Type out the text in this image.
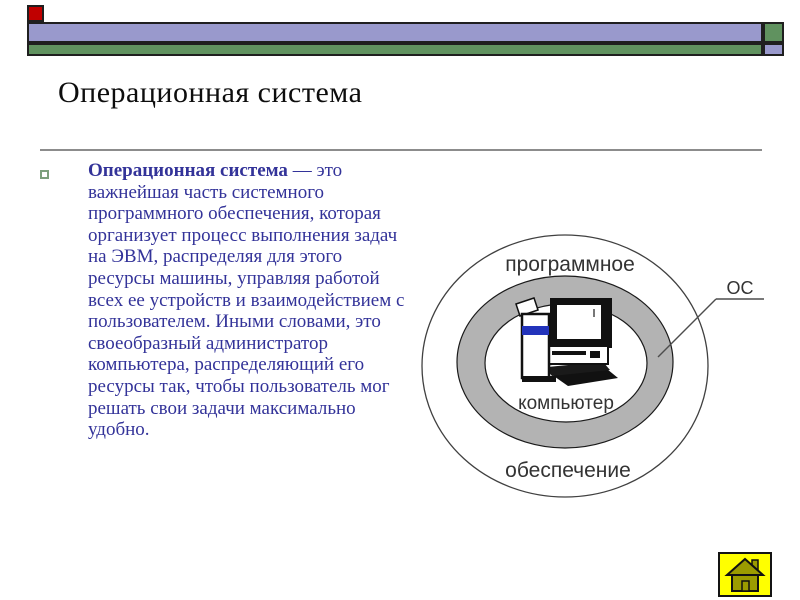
Операционная система

Операционная система — это важнейшая часть системного программного обеспечения, которая организует процесс выполнения задач на ЭВМ, распределяя для этого ресурсы машины, управляя работой всех ее устройств и взаимодействием с пользователем. Иными словами, это своеобразный администратор компьютера, распределяющий его ресурсы так, чтобы пользователь мог решать свои задачи максимально удобно.

программное
обеспечение
компьютер
ОС
